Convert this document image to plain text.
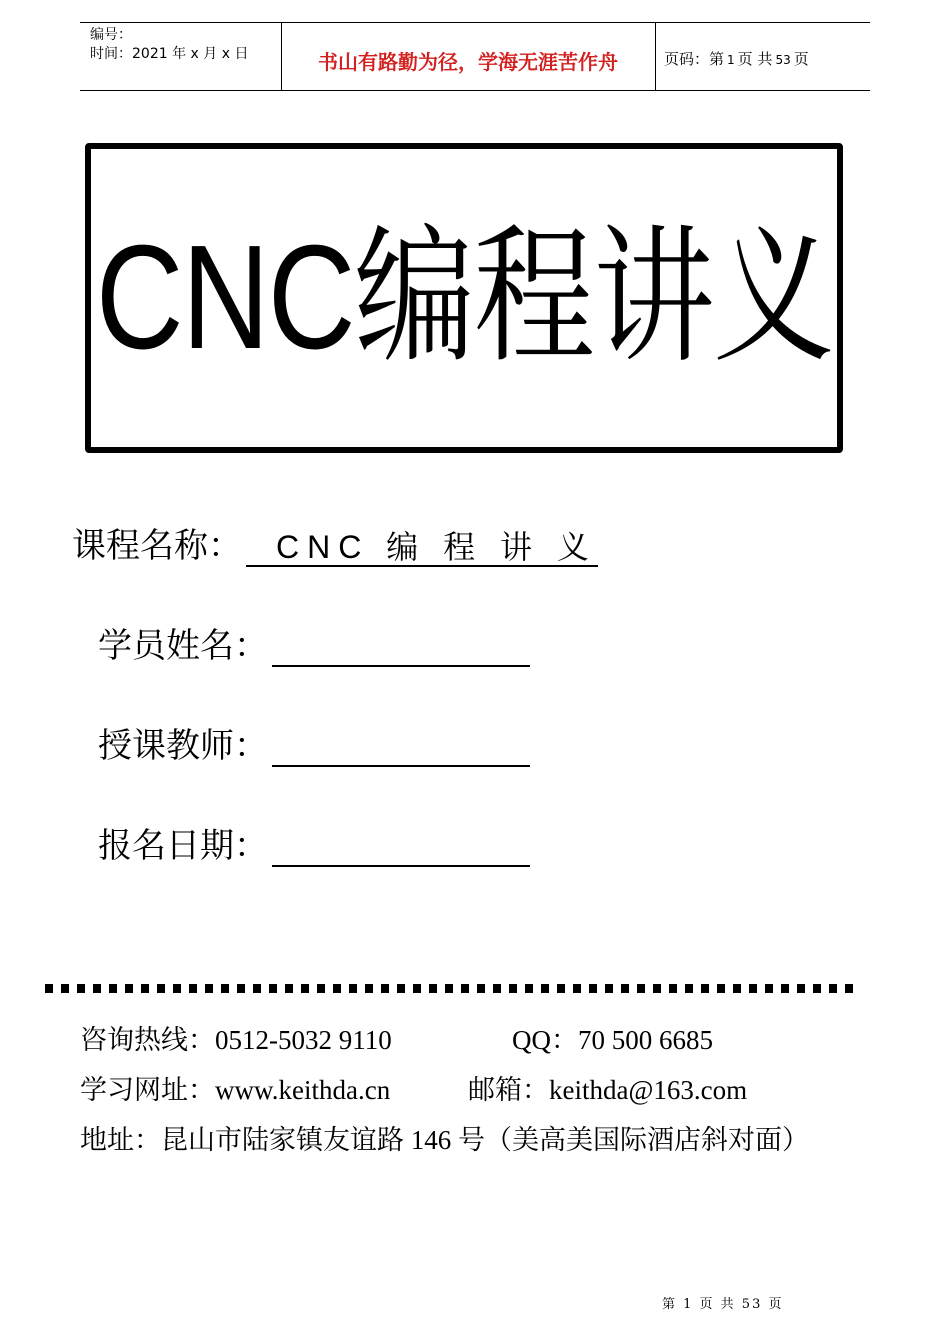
编号：
时间：2021 年 x 月 x 日	书山有路勤为径，学海无涯苦作舟	页码：第 1 页 共 53 页
CNC编程讲义
课程名称：	CNC 编 程 讲 义
学员姓名：
授课教师：
报名日期：
咨询热线：0512-5032 9110	QQ：70 500 6685
学习网址：www.keithda.cn	邮箱：keithda@163.com
地址：昆山市陆家镇友谊路 146 号（美高美国际酒店斜对面）
第 1 页 共 53 页
